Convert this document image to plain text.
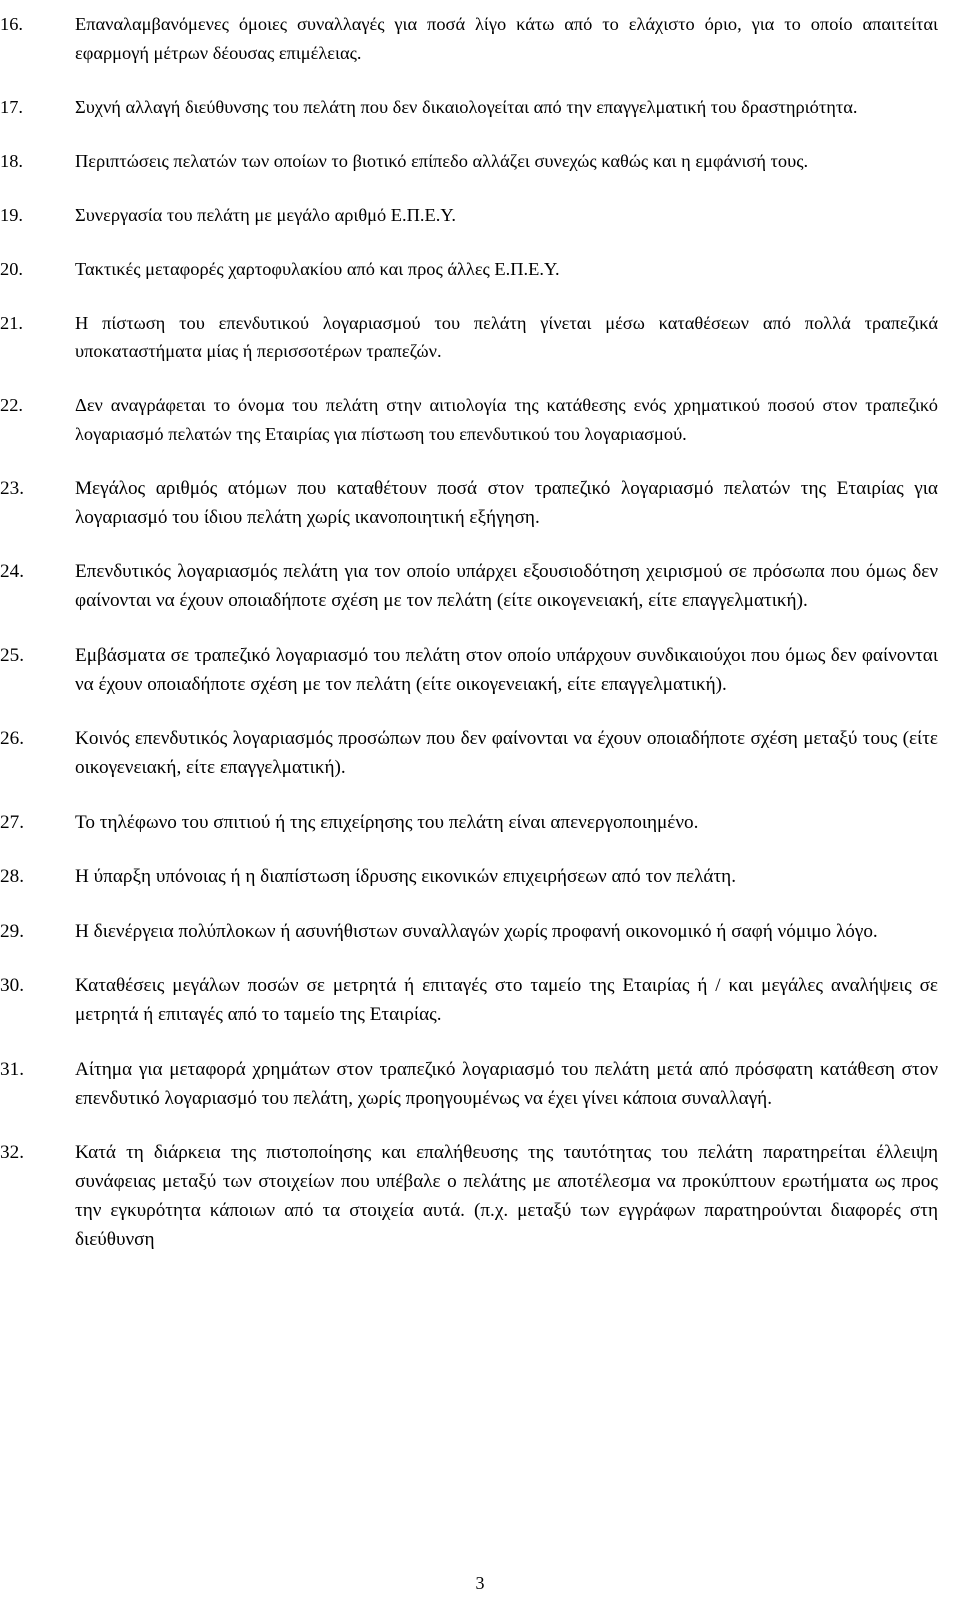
16.	Επαναλαμβανόμενες όμοιες συναλλαγές για ποσά λίγο κάτω από το ελάχιστο όριο, για το οποίο απαιτείται εφαρμογή μέτρων δέουσας επιμέλειας.
17.	Συχνή αλλαγή διεύθυνσης του πελάτη που δεν δικαιολογείται από την επαγγελματική του δραστηριότητα.
18.	Περιπτώσεις πελατών των οποίων το βιοτικό επίπεδο αλλάζει συνεχώς καθώς και η εμφάνισή τους.
19.	Συνεργασία του πελάτη με μεγάλο αριθμό Ε.Π.Ε.Υ.
20.	Τακτικές μεταφορές χαρτοφυλακίου από και προς άλλες Ε.Π.Ε.Υ.
21.	Η πίστωση του επενδυτικού λογαριασμού του πελάτη γίνεται μέσω καταθέσεων από πολλά τραπεζικά υποκαταστήματα μίας ή περισσοτέρων τραπεζών.
22.	Δεν αναγράφεται το όνομα του πελάτη στην αιτιολογία της κατάθεσης ενός χρηματικού ποσού στον τραπεζικό λογαριασμό πελατών της Εταιρίας για πίστωση του επενδυτικού του λογαριασμού.
23.	Μεγάλος αριθμός ατόμων που καταθέτουν ποσά στον τραπεζικό λογαριασμό πελατών της Εταιρίας για λογαριασμό του ίδιου πελάτη χωρίς ικανοποιητική εξήγηση.
24.	Επενδυτικός λογαριασμός πελάτη για τον οποίο υπάρχει εξουσιοδότηση χειρισμού σε πρόσωπα που όμως δεν φαίνονται να έχουν οποιαδήποτε σχέση με τον πελάτη (είτε οικογενειακή, είτε επαγγελματική).
25.	Εμβάσματα σε τραπεζικό λογαριασμό του πελάτη στον οποίο υπάρχουν συνδικαιούχοι που όμως δεν φαίνονται να έχουν οποιαδήποτε σχέση με τον πελάτη (είτε οικογενειακή, είτε επαγγελματική).
26.	Κοινός επενδυτικός λογαριασμός προσώπων που δεν φαίνονται να έχουν οποιαδήποτε σχέση μεταξύ τους (είτε οικογενειακή, είτε επαγγελματική).
27.	Το τηλέφωνο του σπιτιού ή της επιχείρησης του πελάτη είναι απενεργοποιημένο.
28.	Η ύπαρξη υπόνοιας ή η διαπίστωση ίδρυσης εικονικών επιχειρήσεων από τον πελάτη.
29.	Η διενέργεια πολύπλοκων ή ασυνήθιστων συναλλαγών χωρίς προφανή οικονομικό ή σαφή νόμιμο λόγο.
30.	Καταθέσεις μεγάλων ποσών σε μετρητά ή επιταγές στο ταμείο της Εταιρίας ή / και μεγάλες αναλήψεις σε μετρητά ή επιταγές από το ταμείο της Εταιρίας.
31.	Αίτημα για μεταφορά χρημάτων στον τραπεζικό λογαριασμό του πελάτη μετά από πρόσφατη κατάθεση στον επενδυτικό λογαριασμό του πελάτη, χωρίς προηγουμένως να έχει γίνει κάποια συναλλαγή.
32.	Κατά τη διάρκεια της πιστοποίησης και επαλήθευσης της ταυτότητας του πελάτη παρατηρείται έλλειψη συνάφειας μεταξύ των στοιχείων που υπέβαλε ο πελάτης με αποτέλεσμα να προκύπτουν ερωτήματα ως προς την εγκυρότητα κάποιων από τα στοιχεία αυτά. (π.χ. μεταξύ των εγγράφων παρατηρούνται διαφορές στη διεύθυνση
3
